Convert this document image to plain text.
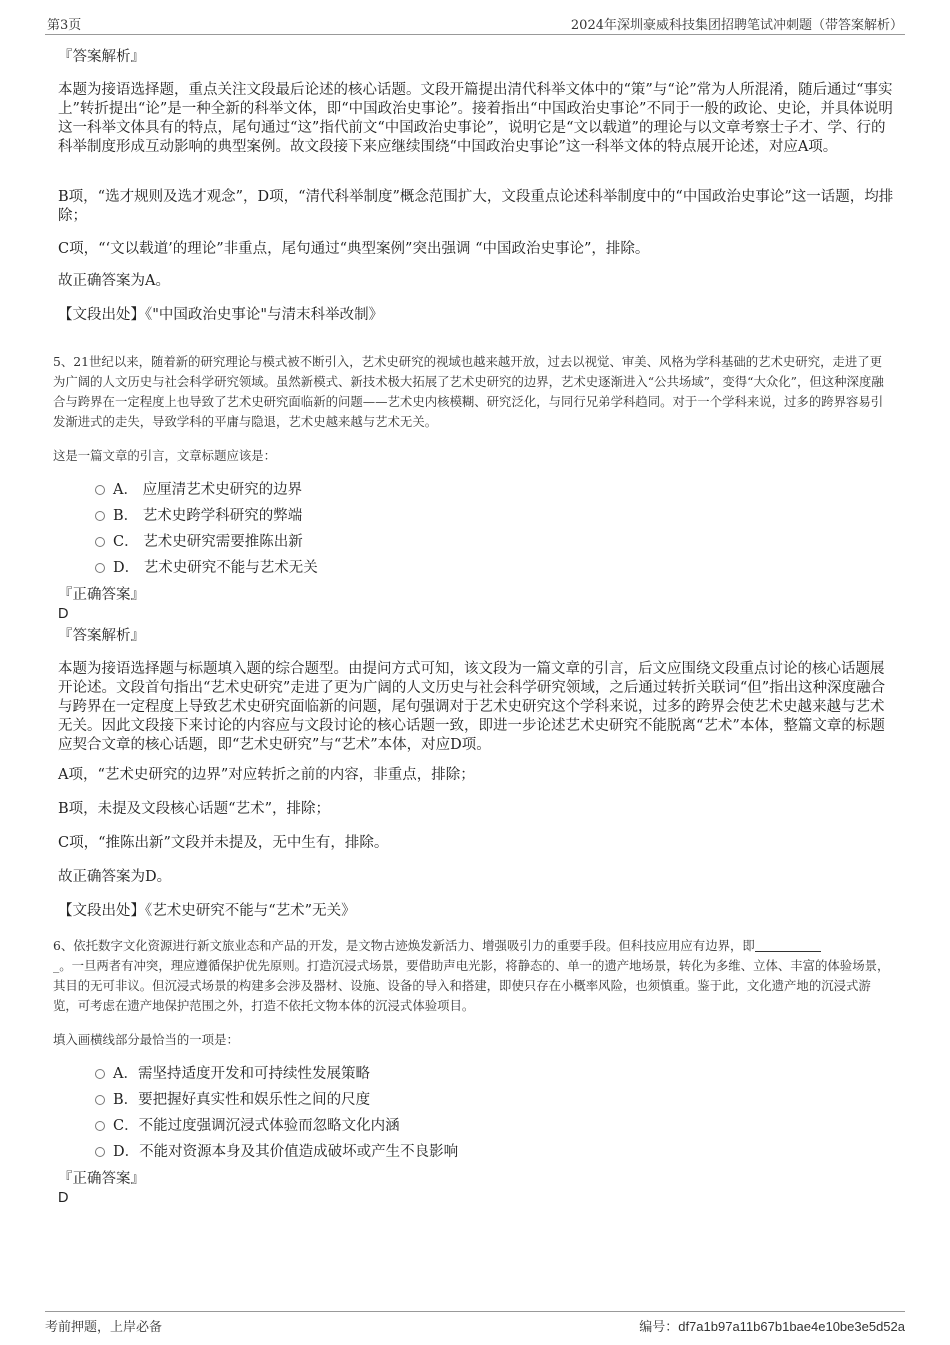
第3页	2024年深圳豪威科技集团招聘笔试冲刺题（带答案解析）
『答案解析』
本题为接语选择题，重点关注文段最后论述的核心话题。文段开篇提出清代科举文体中的“策”与“论”常为人所混淆，随后通过“事实上”转折提出“论”是一种全新的科举文体，即“中国政治史事论”。接着指出“中国政治史事论”不同于一般的政论、史论，并具体说明这一科举文体具有的特点，尾句通过“这”指代前文“中国政治史事论”，说明它是“文以载道”的理论与以文章考察士子才、学、行的科举制度形成互动影响的典型案例。故文段接下来应继续围绕“中国政治史事论”这一科举文体的特点展开论述，对应A项。
B项，“选才规则及选才观念”，D项，“清代科举制度”概念范围扩大，文段重点论述科举制度中的“中国政治史事论”这一话题，均排除；
C项，“‘文以载道’的理论”非重点，尾句通过“典型案例”突出强调 “中国政治史事论”，排除。
故正确答案为A。
【文段出处】《"中国政治史事论"与清末科举改制》
5、21世纪以来，随着新的研究理论与模式被不断引入，艺术史研究的视域也越来越开放，过去以视觉、审美、风格为学科基础的艺术史研究，走进了更为广阔的人文历史与社会科学研究领域。虽然新模式、新技术极大拓展了艺术史研究的边界，艺术史逐渐进入“公共场域”，变得“大众化”，但这种深度融合与跨界在一定程度上也导致了艺术史研究面临新的问题——艺术史内核模糊、研究泛化，与同行兄弟学科趋同。对于一个学科来说，过多的跨界容易引发渐进式的走失，导致学科的平庸与隐退，艺术史越来越与艺术无关。
这是一篇文章的引言，文章标题应该是：
A． 应厘清艺术史研究的边界
B． 艺术史跨学科研究的弊端
C． 艺术史研究需要推陈出新
D． 艺术史研究不能与艺术无关
『正确答案』
D
『答案解析』
本题为接语选择题与标题填入题的综合题型。由提问方式可知，该文段为一篇文章的引言，后文应围绕文段重点讨论的核心话题展开论述。文段首句指出“艺术史研究”走进了更为广阔的人文历史与社会科学研究领域，之后通过转折关联词“但”指出这种深度融合与跨界在一定程度上导致艺术史研究面临新的问题，尾句强调对于艺术史研究这个学科来说，过多的跨界会使艺术史越来越与艺术无关。因此文段接下来讨论的内容应与文段讨论的核心话题一致，即进一步论述艺术史研究不能脱离“艺术”本体，整篇文章的标题应契合文章的核心话题，即“艺术史研究”与“艺术”本体，对应D项。
A项，“艺术史研究的边界”对应转折之前的内容，非重点，排除；
B项，未提及文段核心话题“艺术”，排除；
C项，“推陈出新”文段并未提及，无中生有，排除。
故正确答案为D。
【文段出处】《艺术史研究不能与“艺术”无关》
6、依托数字文化资源进行新文旅业态和产品的开发，是文物古迹焕发新活力、增强吸引力的重要手段。但科技应用应有边界，即
_。一旦两者有冲突，理应遵循保护优先原则。打造沉浸式场景，要借助声电光影，将静态的、单一的遗产地场景，转化为多维、立体、丰富的体验场景，其目的无可非议。但沉浸式场景的构建多会涉及器材、设施、设备的导入和搭建，即使只存在小概率风险，也须慎重。鉴于此，文化遗产地的沉浸式游览，可考虑在遗产地保护范围之外，打造不依托文物本体的沉浸式体验项目。
填入画横线部分最恰当的一项是：
A．需坚持适度开发和可持续性发展策略
B．要把握好真实性和娱乐性之间的尺度
C．不能过度强调沉浸式体验而忽略文化内涵
D．不能对资源本身及其价值造成破坏或产生不良影响
『正确答案』
D
考前押题，上岸必备	编号：df7a1b97a11b67b1bae4e10be3e5d52a
